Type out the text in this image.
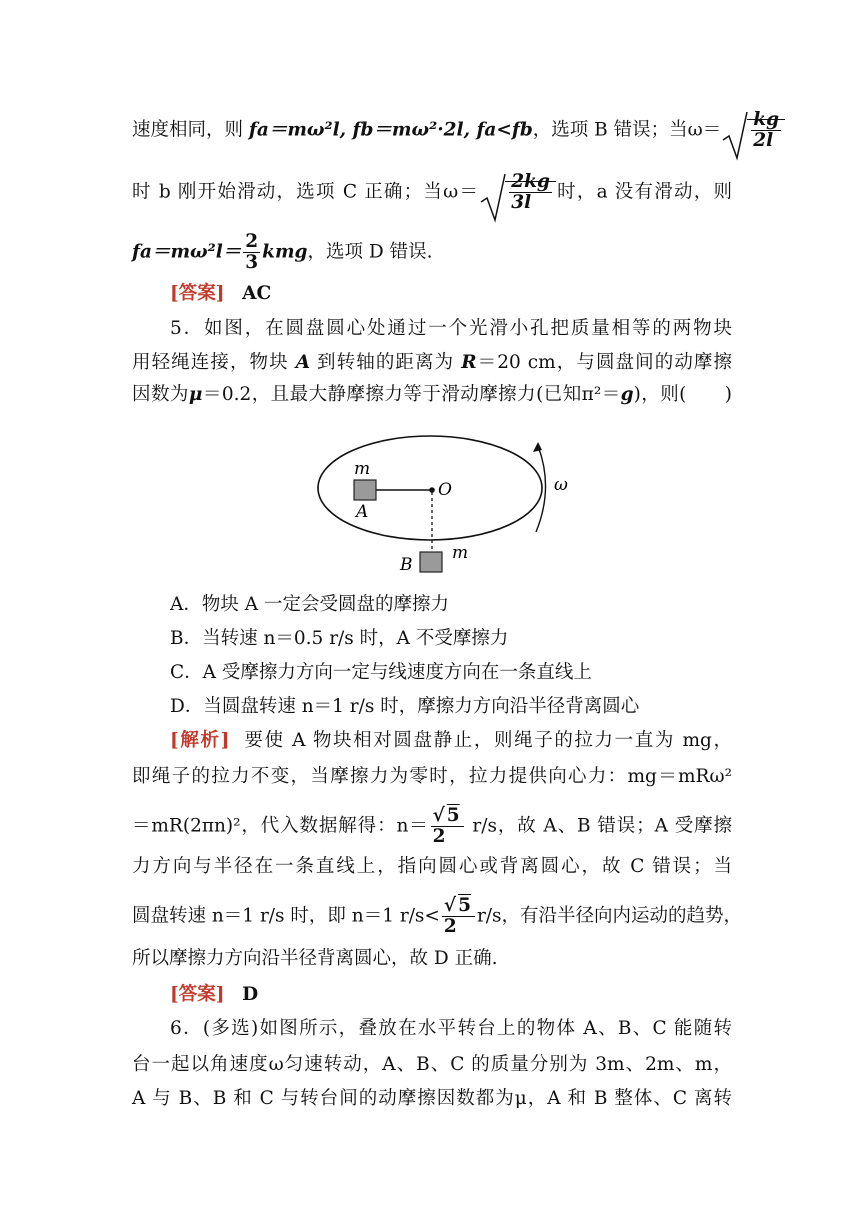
速度相同，则 fa＝mω²l, fb＝mω²·2l, fa<fb，选项 B 错误；当$\omega= \frac{kg}{2l}$
时 b 刚开始滑动，选项 C 正确；当$\omega= \frac{2kg}{3l}$ 时，a 没有滑动，则
$fa=m\omega^2l= \frac{2}{3}$ kmg，选项 D 错误.
[答案] AC
5．如图，在圆盘圆心处通过一个光滑小孔把质量相等的两物块
用轻绳连接，物块 A 到转轴的距离为 R＝20 cm，与圆盘间的动摩擦
因数为μ＝0.2，且最大静摩擦力等于滑动摩擦力(已知π²＝g)，则(　　)
m
A
O	ω
B
m
A．物块 A 一定会受圆盘的摩擦力
B．当转速 n＝0.5 r/s 时，A 不受摩擦力
C．A 受摩擦力方向一定与线速度方向在一条直线上
D．当圆盘转速 n＝1 r/s 时，摩擦力方向沿半径背离圆心
[解析] 要使 A 物块相对圆盘静止，则绳子的拉力一直为 mg，
即绳子的拉力不变，当摩擦力为零时，拉力提供向心力：mg＝mRω²
＝mR(2πn)²，代入数据解得：$n= \frac{√ 5}{2} r/s$，故 A、B 错误；A 受摩擦
力方向与半径在一条直线上，指向圆心或背离圆心，故 C 错误；当
圆盘转速 n＝1 r/s 时，即 n＝1 $r/s< \frac{√ 5}{2} r/s$，有沿半径向内运动的趋势，
所以摩擦力方向沿半径背离圆心，故 D 正确.
[答案] D
6．(多选)如图所示，叠放在水平转台上的物体 A、B、C 能随转
台一起以角速度ω匀速转动，A、B、C 的质量分别为 3m、2m、m，
A 与 B、B 和 C 与转台间的动摩擦因数都为μ，A 和 B 整体、C 离转
